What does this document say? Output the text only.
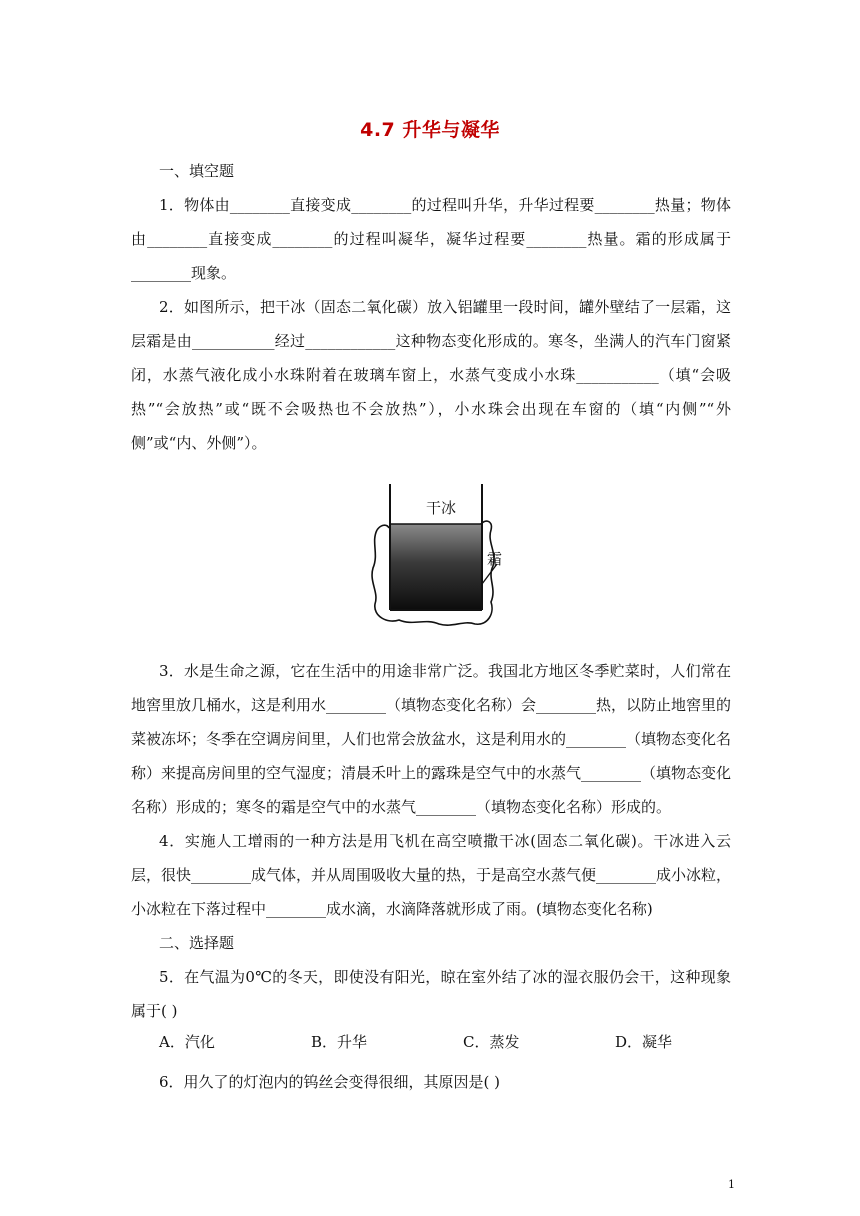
4.7 升华与凝华

一、填空题

1．物体由________直接变成________的过程叫升华，升华过程要________热量；物体由________直接变成________的过程叫凝华，凝华过程要________热量。霜的形成属于________现象。

2．如图所示，把干冰（固态二氧化碳）放入铝罐里一段时间，罐外壁结了一层霜，这层霜是由___________经过____________这种物态变化形成的。寒冬，坐满人的汽车门窗紧闭，水蒸气液化成小水珠附着在玻璃车窗上，水蒸气变成小水珠___________（填“会吸热”“会放热”或“既不会吸热也不会放热”），小水珠会出现在车窗的（填“内侧”“外侧”或“内、外侧”）。

干冰
霜

3．水是生命之源，它在生活中的用途非常广泛。我国北方地区冬季贮菜时，人们常在地窖里放几桶水，这是利用水________（填物态变化名称）会________热，以防止地窖里的菜被冻坏；冬季在空调房间里，人们也常会放盆水，这是利用水的________（填物态变化名称）来提高房间里的空气湿度；清晨禾叶上的露珠是空气中的水蒸气________（填物态变化名称）形成的；寒冬的霜是空气中的水蒸气________（填物态变化名称）形成的。

4．实施人工增雨的一种方法是用飞机在高空喷撒干冰(固态二氧化碳)。干冰进入云层，很快________成气体，并从周围吸收大量的热，于是高空水蒸气便________成小冰粒，小冰粒在下落过程中________成水滴，水滴降落就形成了雨。(填物态变化名称)

二、选择题

5．在气温为0℃的冬天，即使没有阳光，晾在室外结了冰的湿衣服仍会干，这种现象属于( )

A．汽化	B．升华	C．蒸发	D．凝华

6．用久了的灯泡内的钨丝会变得很细，其原因是( )

1
